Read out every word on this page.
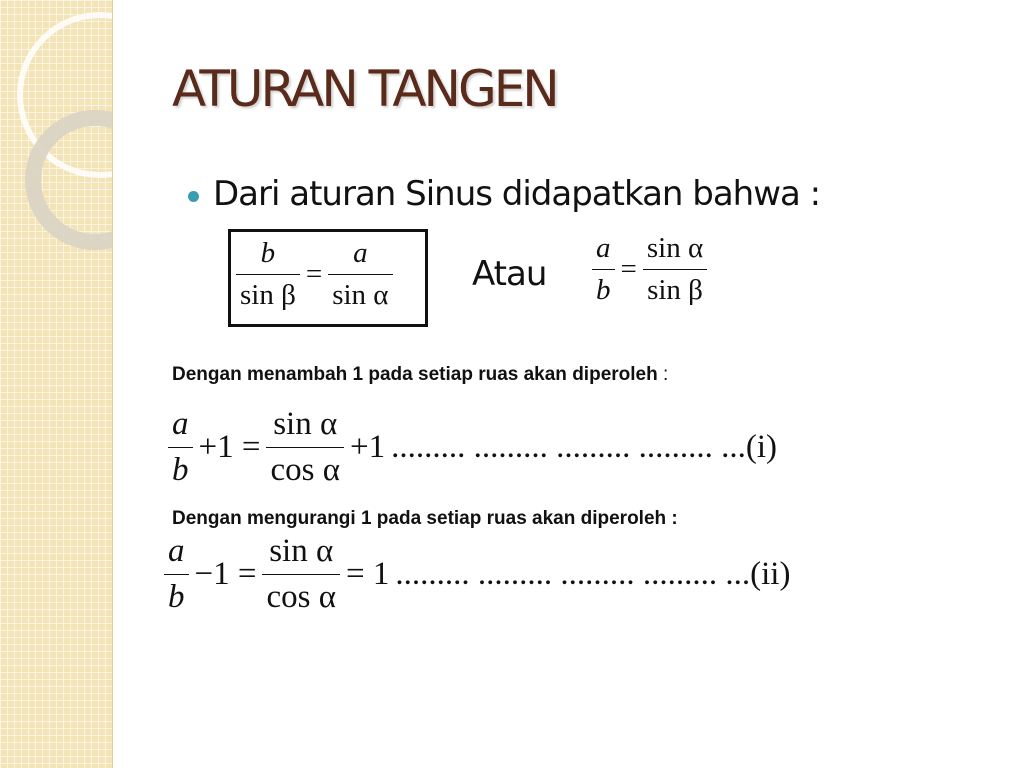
ATURAN TANGEN
Dari aturan Sinus didapatkan bahwa :
$\frac{b}{\text{sin β}} = \frac{a}{\text{sin α}}$ Atau $\frac{a}{b} = \frac{\text{sin α}}{\text{sin β}}$
Dengan menambah 1 pada setiap ruas akan diperoleh :
$\frac{a}{b} +1 = \frac{\text{sin α}}{\text{cos α}} +1$ ......... ......... ......... ......... ... (i)
Dengan mengurangi 1 pada setiap ruas akan diperoleh :
$\frac{a}{b} -1 = \frac{\text{sin α}}{\text{cos α}} = 1$ ......... ......... ......... ......... ... (ii)
